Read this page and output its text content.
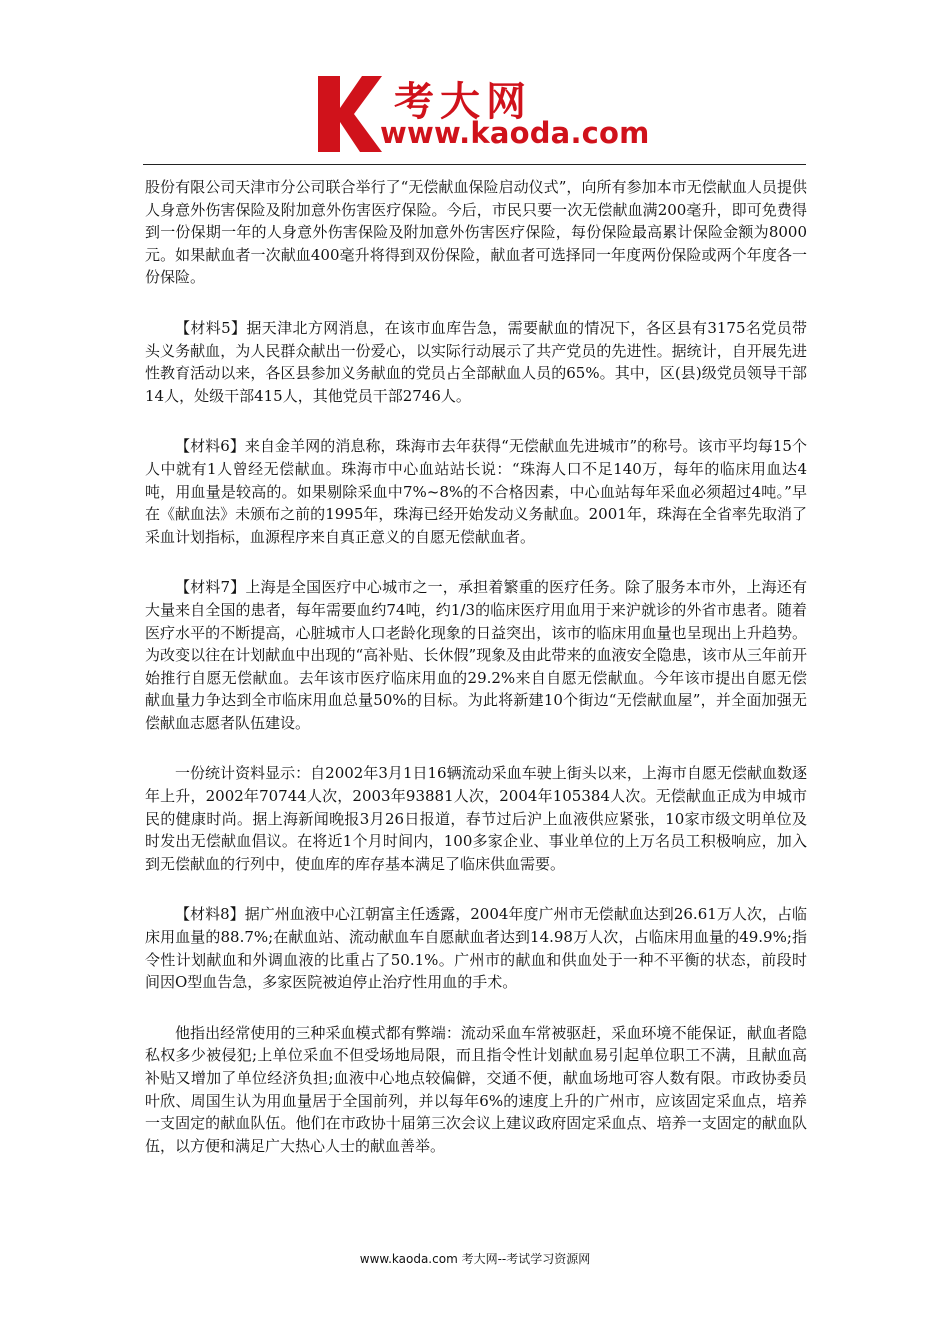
考大网
www.kaoda.com

股份有限公司天津市分公司联合举行了“无偿献血保险启动仪式”，向所有参加本市无偿献血人员提供人身意外伤害保险及附加意外伤害医疗保险。今后，市民只要一次无偿献血满200毫升，即可免费得到一份保期一年的人身意外伤害保险及附加意外伤害医疗保险，每份保险最高累计保险金额为8000元。如果献血者一次献血400毫升将得到双份保险，献血者可选择同一年度两份保险或两个年度各一份保险。

【材料5】据天津北方网消息，在该市血库告急，需要献血的情况下，各区县有3175名党员带头义务献血，为人民群众献出一份爱心，以实际行动展示了共产党员的先进性。据统计，自开展先进性教育活动以来，各区县参加义务献血的党员占全部献血人员的65%。其中，区(县)级党员领导干部14人，处级干部415人，其他党员干部2746人。

【材料6】来自金羊网的消息称，珠海市去年获得“无偿献血先进城市”的称号。该市平均每15个人中就有1人曾经无偿献血。珠海市中心血站站长说：“珠海人口不足140万，每年的临床用血达4吨，用血量是较高的。如果剔除采血中7%~8%的不合格因素，中心血站每年采血必须超过4吨。”早在《献血法》未颁布之前的1995年，珠海已经开始发动义务献血。2001年，珠海在全省率先取消了采血计划指标，血源程序来自真正意义的自愿无偿献血者。

【材料7】上海是全国医疗中心城市之一，承担着繁重的医疗任务。除了服务本市外，上海还有大量来自全国的患者，每年需要血约74吨，约1/3的临床医疗用血用于来沪就诊的外省市患者。随着医疗水平的不断提高，心脏城市人口老龄化现象的日益突出，该市的临床用血量也呈现出上升趋势。为改变以往在计划献血中出现的“高补贴、长休假”现象及由此带来的血液安全隐患，该市从三年前开始推行自愿无偿献血。去年该市医疗临床用血的29.2%来自自愿无偿献血。今年该市提出自愿无偿献血量力争达到全市临床用血总量50%的目标。为此将新建10个街边“无偿献血屋”，并全面加强无偿献血志愿者队伍建设。

一份统计资料显示：自2002年3月1日16辆流动采血车驶上街头以来，上海市自愿无偿献血数逐年上升，2002年70744人次，2003年93881人次，2004年105384人次。无偿献血正成为申城市民的健康时尚。据上海新闻晚报3月26日报道，春节过后沪上血液供应紧张，10家市级文明单位及时发出无偿献血倡议。在将近1个月时间内，100多家企业、事业单位的上万名员工积极响应，加入到无偿献血的行列中，使血库的库存基本满足了临床供血需要。

【材料8】据广州血液中心江朝富主任透露，2004年度广州市无偿献血达到26.61万人次，占临床用血量的88.7%;在献血站、流动献血车自愿献血者达到14.98万人次，占临床用血量的49.9%;指令性计划献血和外调血液的比重占了50.1%。广州市的献血和供血处于一种不平衡的状态，前段时间因O型血告急，多家医院被迫停止治疗性用血的手术。

他指出经常使用的三种采血模式都有弊端：流动采血车常被驱赶，采血环境不能保证，献血者隐私权多少被侵犯;上单位采血不但受场地局限，而且指令性计划献血易引起单位职工不满，且献血高补贴又增加了单位经济负担;血液中心地点较偏僻，交通不便，献血场地可容人数有限。市政协委员叶欣、周国生认为用血量居于全国前列，并以每年6%的速度上升的广州市，应该固定采血点，培养一支固定的献血队伍。他们在市政协十届第三次会议上建议政府固定采血点、培养一支固定的献血队伍，以方便和满足广大热心人士的献血善举。

www.kaoda.com 考大网--考试学习资源网
